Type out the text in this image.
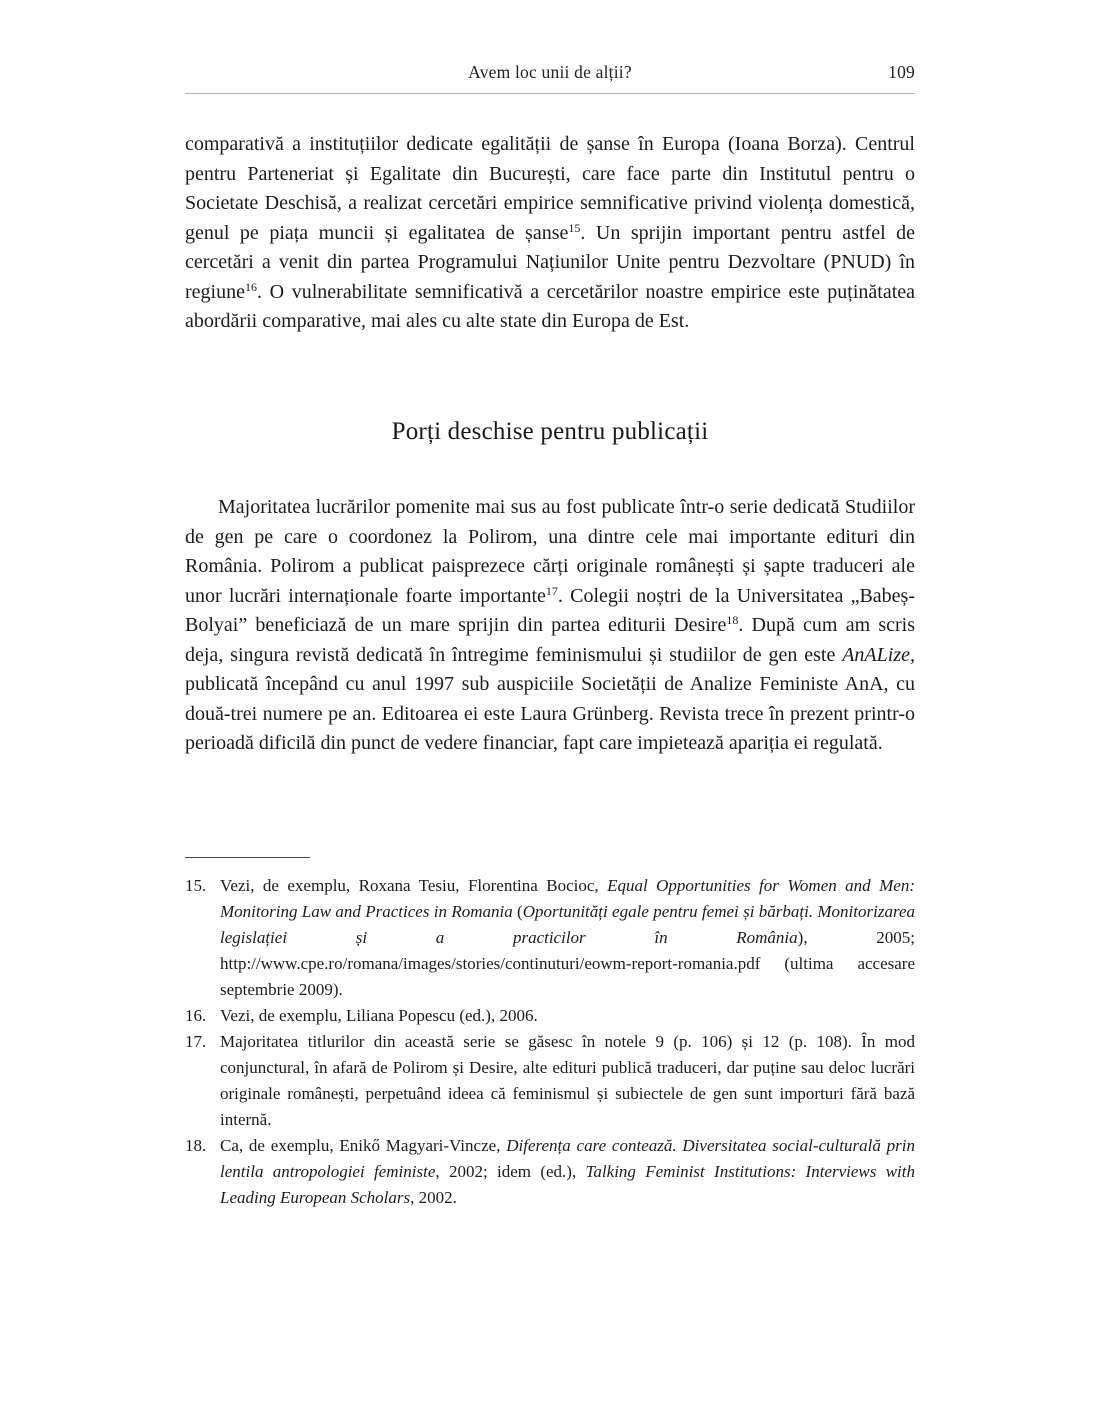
Avem loc unii de alții?	109

comparativă a instituțiilor dedicate egalității de șanse în Europa (Ioana Borza). Centrul pentru Parteneriat și Egalitate din București, care face parte din Institutul pentru o Societate Deschisă, a realizat cercetări empirice semnificative privind violența domestică, genul pe piața muncii și egalitatea de șanse$^{15}$. Un sprijin important pentru astfel de cercetări a venit din partea Programului Națiunilor Unite pentru Dezvoltare (PNUD) în regiune$^{16}$. O vulnerabilitate semnificativă a cercetărilor noastre empirice este puținătatea abordării comparative, mai ales cu alte state din Europa de Est.

Porți deschise pentru publicații

Majoritatea lucrărilor pomenite mai sus au fost publicate într-o serie dedicată Studiilor de gen pe care o coordonez la Polirom, una dintre cele mai importante edituri din România. Polirom a publicat paisprezece cărți originale românești și șapte traduceri ale unor lucrări internaționale foarte importante$^{17}$. Colegii noștri de la Universitatea „Babeș-Bolyai” beneficiază de un mare sprijin din partea editurii Desire$^{18}$. După cum am scris deja, singura revistă dedicată în întregime feminismului și studiilor de gen este AnALize, publicată începând cu anul 1997 sub auspiciile Societății de Analize Feministe AnA, cu două-trei numere pe an. Editoarea ei este Laura Grünberg. Revista trece în prezent printr-o perioadă dificilă din punct de vedere financiar, fapt care impietează apariția ei regulată.

15. Vezi, de exemplu, Roxana Tesiu, Florentina Bocioc, Equal Opportunities for Women and Men: Monitoring Law and Practices in Romania (Oportunități egale pentru femei și bărbați. Monitorizarea legislației și a practicilor în România), 2005; http://www.cpe.ro/romana/images/stories/continuturi/eowm-report-romania.pdf (ultima accesare septembrie 2009).

16. Vezi, de exemplu, Liliana Popescu (ed.), 2006.

17. Majoritatea titlurilor din această serie se găsesc în notele 9 (p. 106) și 12 (p. 108). În mod conjunctural, în afară de Polirom și Desire, alte edituri publică traduceri, dar puține sau deloc lucrări originale românești, perpetuând ideea că feminismul și subiectele de gen sunt importuri fără bază internă.

18. Ca, de exemplu, Enikő Magyari-Vincze, Diferența care contează. Diversitatea social-culturală prin lentila antropologiei feministe, 2002; idem (ed.), Talking Feminist Institutions: Interviews with Leading European Scholars, 2002.
